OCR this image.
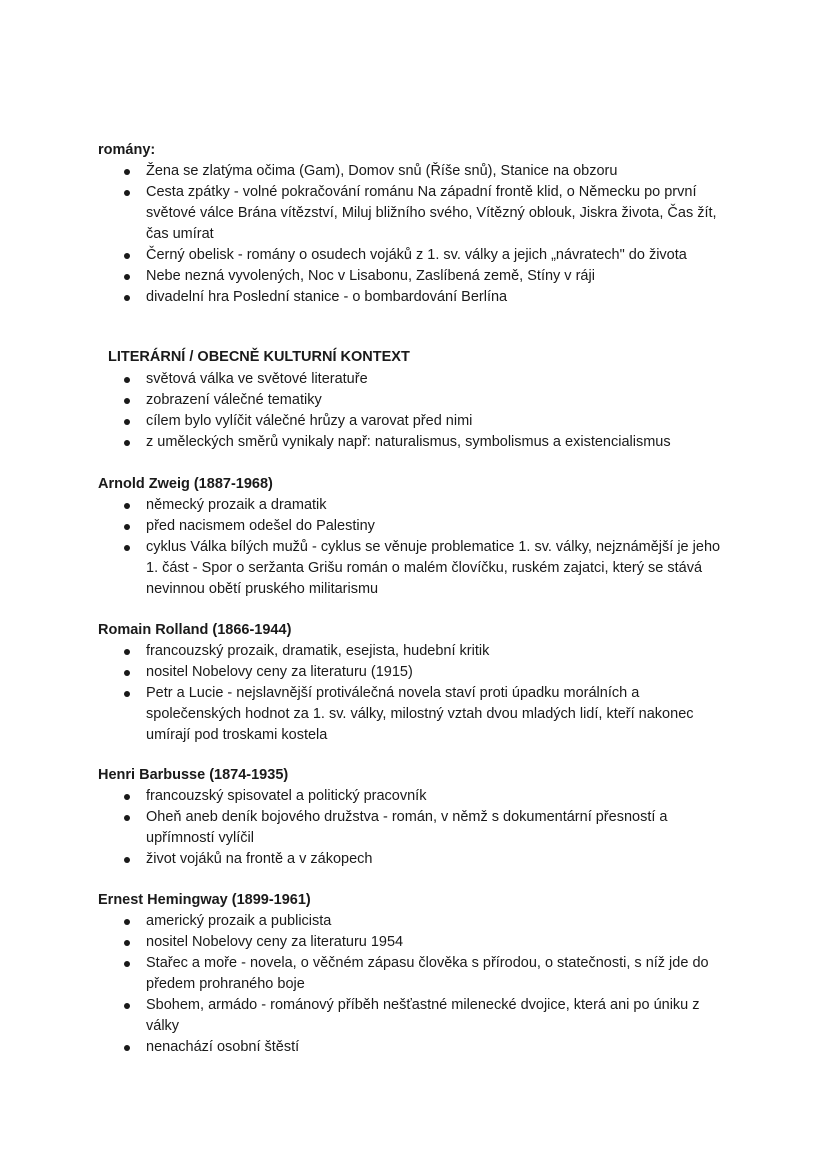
romány:
Žena se zlatýma očima (Gam), Domov snů (Říše snů), Stanice na obzoru
Cesta zpátky - volné pokračování románu Na západní frontě klid, o Německu po první světové válce Brána vítězství, Miluj bližního svého, Vítězný oblouk, Jiskra života, Čas žít, čas umírat
Černý obelisk - romány o osudech vojáků z 1. sv. války a jejich „návratech" do života
Nebe nezná vyvolených, Noc v Lisabonu, Zaslíbená země, Stíny v ráji
divadelní hra Poslední stanice - o bombardování Berlína
LITERÁRNÍ / OBECNĚ KULTURNÍ KONTEXT
světová válka ve světové literatuře
zobrazení válečné tematiky
cílem bylo vylíčit válečné hrůzy a varovat před nimi
z uměleckých směrů vynikaly např: naturalismus, symbolismus a existencialismus
Arnold Zweig (1887-1968)
německý prozaik a dramatik
před nacismem odešel do Palestiny
cyklus Válka bílých mužů - cyklus se věnuje problematice 1. sv. války, nejznámější je jeho 1. část - Spor o seržanta Grišu román o malém človíčku, ruském zajatci, který se stává nevinnou obětí pruského militarismu
Romain Rolland (1866-1944)
francouzský prozaik, dramatik, esejista, hudební kritik
nositel Nobelovy ceny za literaturu (1915)
Petr a Lucie - nejslavnější protiválečná novela staví proti úpadku morálních a společenských hodnot za 1. sv. války, milostný vztah dvou mladých lidí, kteří nakonec umírají pod troskami kostela
Henri Barbusse (1874-1935)
francouzský spisovatel a politický pracovník
Oheň aneb deník bojového družstva - román, v němž s dokumentární přesností a upřímností vylíčil
život vojáků na frontě a v zákopech
Ernest Hemingway (1899-1961)
americký prozaik a publicista
nositel Nobelovy ceny za literaturu 1954
Stařec a moře - novela, o věčném zápasu člověka s přírodou, o statečnosti, s níž jde do předem prohraného boje
Sbohem, armádo - románový příběh nešťastné milenecké dvojice, která ani po úniku z války
nenachází osobní štěstí
